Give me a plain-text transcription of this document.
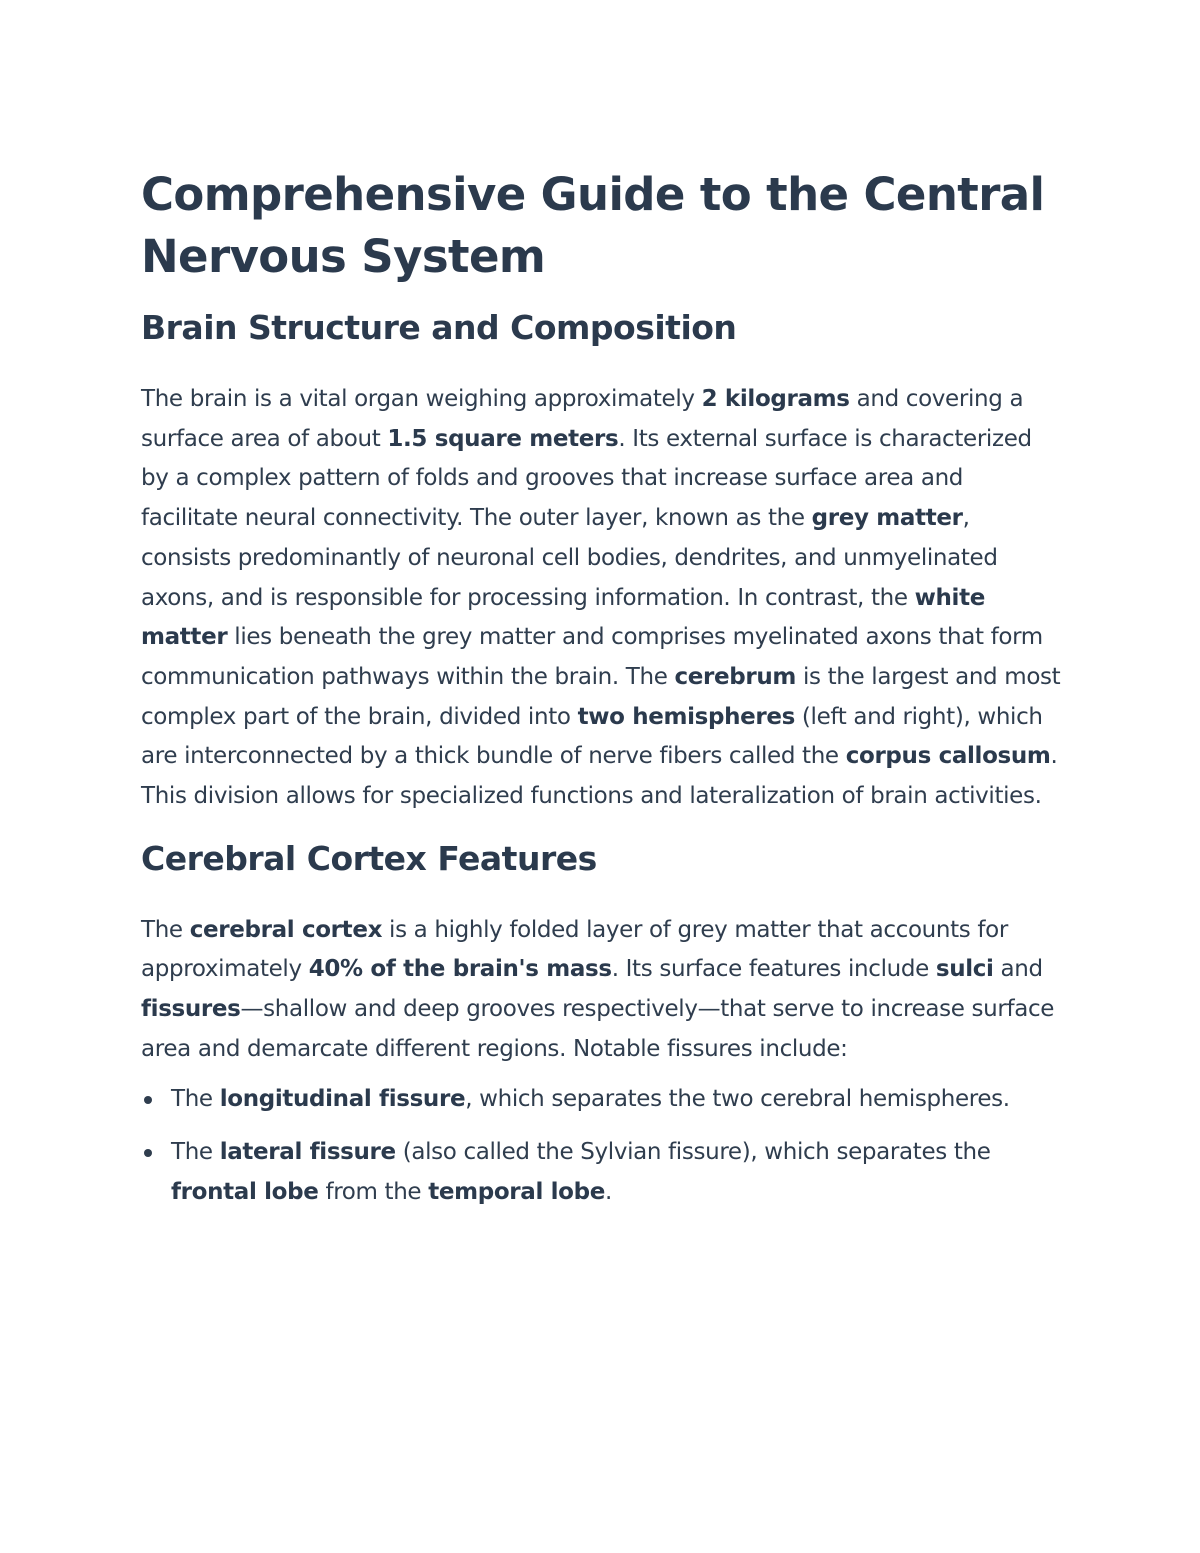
Comprehensive Guide to the Central Nervous System
Brain Structure and Composition

The brain is a vital organ weighing approximately 2 kilograms and covering a surface area of about 1.5 square meters. Its external surface is characterized by a complex pattern of folds and grooves that increase surface area and facilitate neural connectivity. The outer layer, known as the grey matter, consists predominantly of neuronal cell bodies, dendrites, and unmyelinated axons, and is responsible for processing information. In contrast, the white matter lies beneath the grey matter and comprises myelinated axons that form communication pathways within the brain. The cerebrum is the largest and most complex part of the brain, divided into two hemispheres (left and right), which are interconnected by a thick bundle of nerve fibers called the corpus callosum. This division allows for specialized functions and lateralization of brain activities.

Cerebral Cortex Features

The cerebral cortex is a highly folded layer of grey matter that accounts for approximately 40% of the brain's mass. Its surface features include sulci and fissures—shallow and deep grooves respectively—that serve to increase surface area and demarcate different regions. Notable fissures include:

The longitudinal fissure, which separates the two cerebral hemispheres.
The lateral fissure (also called the Sylvian fissure), which separates the frontal lobe from the temporal lobe.
